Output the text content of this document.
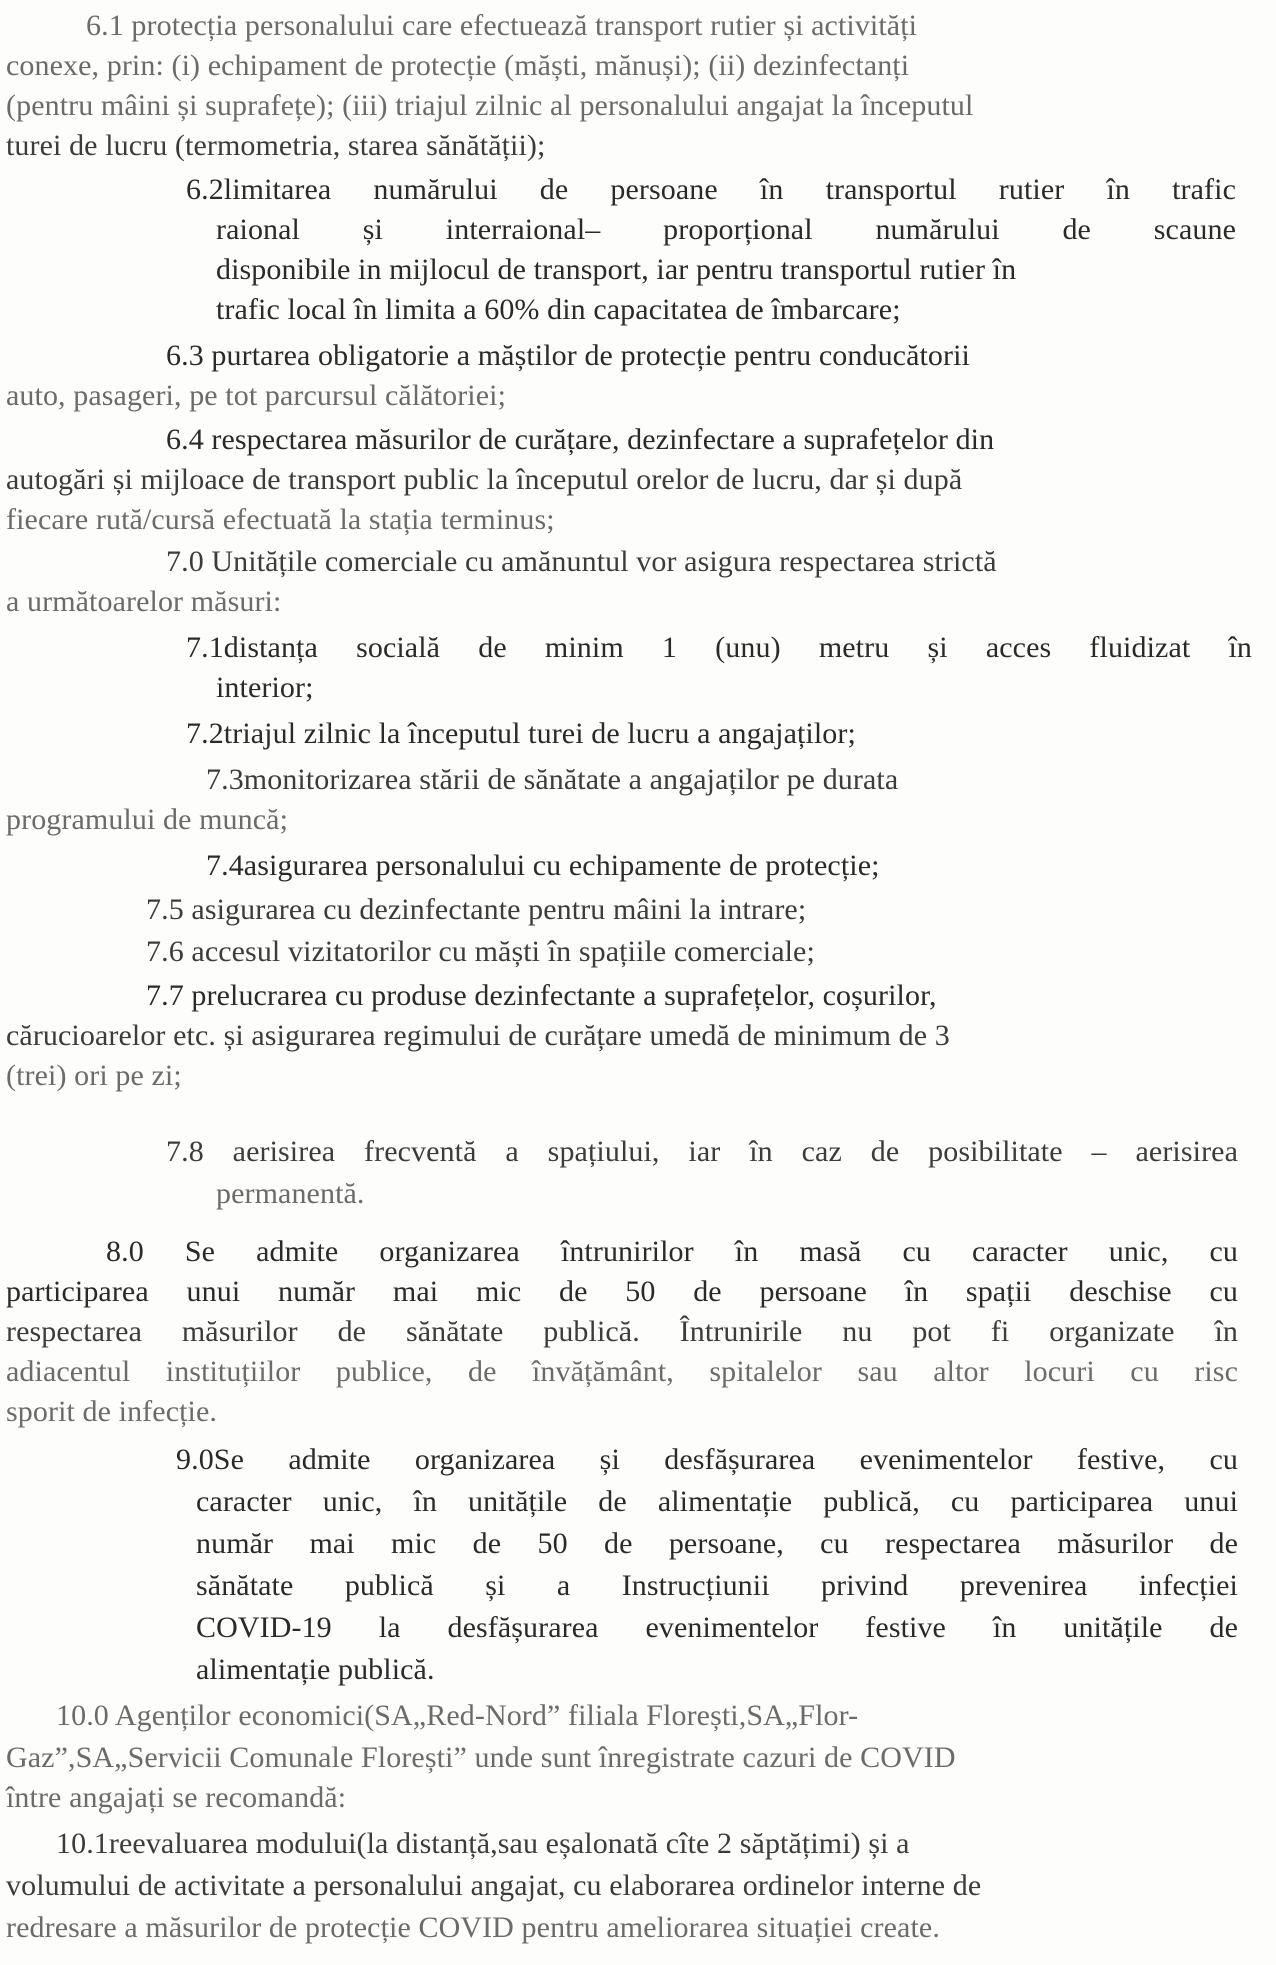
6.1 protecția personalului care efectuează transport rutier și activități
conexe, prin: (i) echipament de protecție (măști, mănuși); (ii) dezinfectanți
(pentru mâini și suprafețe); (iii) triajul zilnic al personalului angajat la începutul
turei de lucru (termometria, starea sănătății);
6.2limitarea numărului de persoane în transportul rutier în trafic
raional și interraional– proporțional numărului de scaune
disponibile in mijlocul de transport, iar pentru transportul rutier în
trafic local în limita a 60% din capacitatea de îmbarcare;
6.3 purtarea obligatorie a măștilor de protecție pentru conducătorii
auto, pasageri, pe tot parcursul călătoriei;
6.4 respectarea măsurilor de curățare, dezinfectare a suprafețelor din
autogări și mijloace de transport public la începutul orelor de lucru, dar și după
fiecare rută/cursă efectuată la stația terminus;
7.0 Unitățile comerciale cu amănuntul vor asigura respectarea strictă
a următoarelor măsuri:
7.1distanța socială de minim 1 (unu) metru și acces fluidizat în
interior;
7.2triajul zilnic la începutul turei de lucru a angajaților;
7.3monitorizarea stării de sănătate a angajaților pe durata
programului de muncă;
7.4asigurarea personalului cu echipamente de protecție;
7.5 asigurarea cu dezinfectante pentru mâini la intrare;
7.6 accesul vizitatorilor cu măști în spațiile comerciale;
7.7 prelucrarea cu produse dezinfectante a suprafețelor, coșurilor,
cărucioarelor etc. și asigurarea regimului de curățare umedă de minimum de 3
(trei) ori pe zi;
7.8 aerisirea frecventă a spațiului, iar în caz de posibilitate – aerisirea
permanentă.
8.0 Se admite organizarea întrunirilor în masă cu caracter unic, cu
participarea unui număr mai mic de 50 de persoane în spații deschise cu
respectarea măsurilor de sănătate publică. Întrunirile nu pot fi organizate în
adiacentul instituțiilor publice, de învățământ, spitalelor sau altor locuri cu risc
sporit de infecție.
9.0Se admite organizarea și desfășurarea evenimentelor festive, cu
caracter unic, în unitățile de alimentație publică, cu participarea unui
număr mai mic de 50 de persoane, cu respectarea măsurilor de
sănătate publică și a Instrucțiunii privind prevenirea infecției
COVID-19 la desfășurarea evenimentelor festive în unitățile de
alimentație publică.
10.0 Agenților economici(SA„Red-Nord” filiala Florești,SA„Flor-
Gaz”,SA„Servicii Comunale Florești” unde sunt înregistrate cazuri de COVID
între angajați se recomandă:
10.1reevaluarea modului(la distanță,sau eșalonată cîte 2 săptățimi) și a
volumului de activitate a personalului angajat, cu elaborarea ordinelor interne de
redresare a măsurilor de protecție COVID pentru ameliorarea situației create.
